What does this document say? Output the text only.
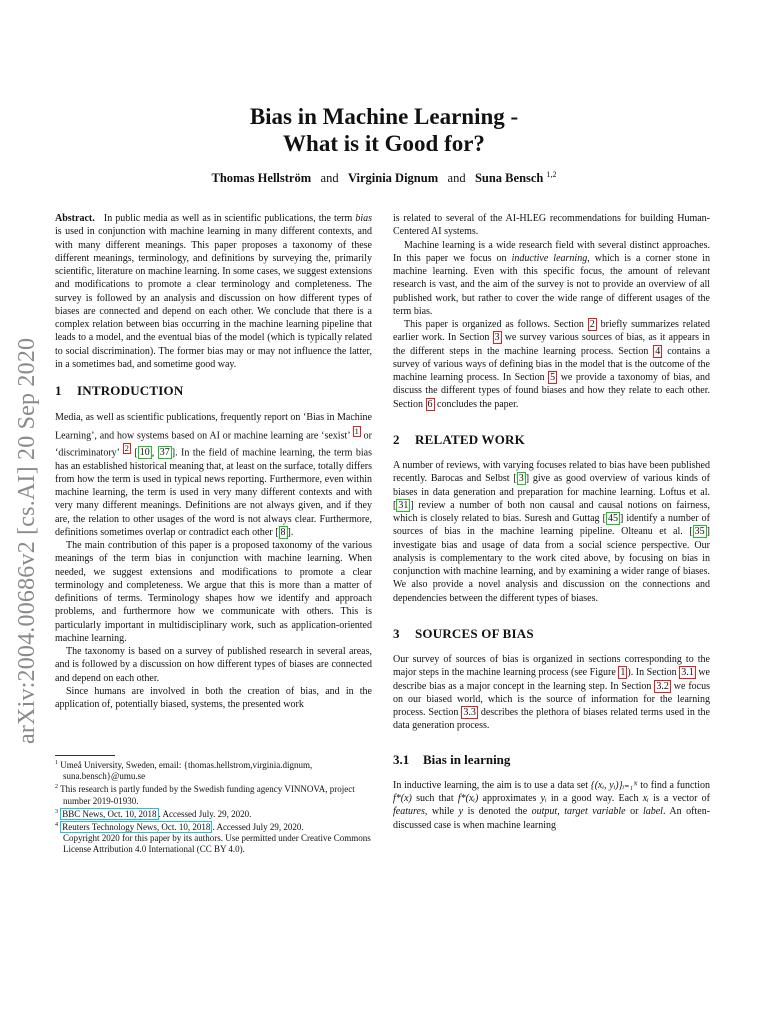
arXiv:2004.00686v2 [cs.AI] 20 Sep 2020
Bias in Machine Learning -
What is it Good for?
Thomas Hellström and Virginia Dignum and Suna Bensch $^{1,2}$

Abstract. In public media as well as in scientific publications, the term bias is used in conjunction with machine learning in many different contexts, and with many different meanings. This paper proposes a taxonomy of these different meanings, terminology, and definitions by surveying the, primarily scientific, literature on machine learning. In some cases, we suggest extensions and modifications to promote a clear terminology and completeness. The survey is followed by an analysis and discussion on how different types of biases are connected and depend on each other. We conclude that there is a complex relation between bias occurring in the machine learning pipeline that leads to a model, and the eventual bias of the model (which is typically related to social discrimination). The former bias may or may not influence the latter, in a sometimes bad, and sometime good way.

1 INTRODUCTION

Media, as well as scientific publications, frequently report on ‘Bias in Machine Learning’, and how systems based on AI or machine learning are ‘sexist’ $^1$ or ‘discriminatory’ $^2$ [ 10 , 37 ]. In the field of machine learning, the term bias has an established historical meaning that, at least on the surface, totally differs from how the term is used in typical news reporting. Furthermore, even within machine learning, the term is used in very many different contexts and with very many different meanings. Definitions are not always given, and if they are, the relation to other usages of the word is not always clear. Furthermore, definitions sometimes overlap or contradict each other [ 8 ].

The main contribution of this paper is a proposed taxonomy of the various meanings of the term bias in conjunction with machine learning. When needed, we suggest extensions and modifications to promote a clear terminology and completeness. We argue that this is more than a matter of definitions of terms. Terminology shapes how we identify and approach problems, and furthermore how we communicate with others. This is particularly important in multidisciplinary work, such as application-oriented machine learning.

The taxonomy is based on a survey of published research in several areas, and is followed by a discussion on how different types of biases are connected and depend on each other.

Since humans are involved in both the creation of bias, and in the application of, potentially biased, systems, the presented work

$^1$ Umeå University, Sweden, email: {thomas.hellstrom,virginia.dignum, suna.bensch}@umu.se
$^2$ This research is partly funded by the Swedish funding agency VINNOVA, project number 2019-01930.
$^3$ BBC News, Oct. 10, 2018 . Accessed July. 29, 2020.
$^4$ Reuters Technology News, Oct. 10, 2018 . Accessed July 29, 2020.
Copyright 2020 for this paper by its authors. Use permitted under Creative Commons License Attribution 4.0 International (CC BY 4.0).

is related to several of the AI-HLEG recommendations for building Human-Centered AI systems.

Machine learning is a wide research field with several distinct approaches. In this paper we focus on inductive learning, which is a corner stone in machine learning. Even with this specific focus, the amount of relevant research is vast, and the aim of the survey is not to provide an overview of all published work, but rather to cover the wide range of different usages of the term bias.

This paper is organized as follows. Section 2 briefly summarizes related earlier work. In Section 3 we survey various sources of bias, as it appears in the different steps in the machine learning process. Section 4 contains a survey of various ways of defining bias in the model that is the outcome of the machine learning process. In Section 5 we provide a taxonomy of bias, and discuss the different types of found biases and how they relate to each other. Section 6 concludes the paper.

2 RELATED WORK

A number of reviews, with varying focuses related to bias have been published recently. Barocas and Selbst [ 3 ] give as good overview of various kinds of biases in data generation and preparation for machine learning. Loftus et al. [ 31 ] review a number of both non causal and causal notions on fairness, which is closely related to bias. Suresh and Guttag [ 45 ] identify a number of sources of bias in the machine learning pipeline. Olteanu et al. [ 35 ] investigate bias and usage of data from a social science perspective. Our analysis is complementary to the work cited above, by focusing on bias in conjunction with machine learning, and by examining a wider range of biases. We also provide a novel analysis and discussion on the connections and dependencies between the different types of biases.

3 SOURCES OF BIAS

Our survey of sources of bias is organized in sections corresponding to the major steps in the machine learning process (see Figure 1 ). In Section 3.1 we describe bias as a major concept in the learning step. In Section 3.2 we focus on our biased world, which is the source of information for the learning process. Section 3.3 describes the plethora of biases related terms used in the data generation process.

3.1 Bias in learning

In inductive learning, the aim is to use a data set {(xᵢ, yᵢ)}ᵢ₌₁ᴺ to find a function f*(x) such that f*(xᵢ) approximates yᵢ in a good way. Each xᵢ is a vector of features, while y is denoted the output, target variable or label. An often-discussed case is when machine learning
